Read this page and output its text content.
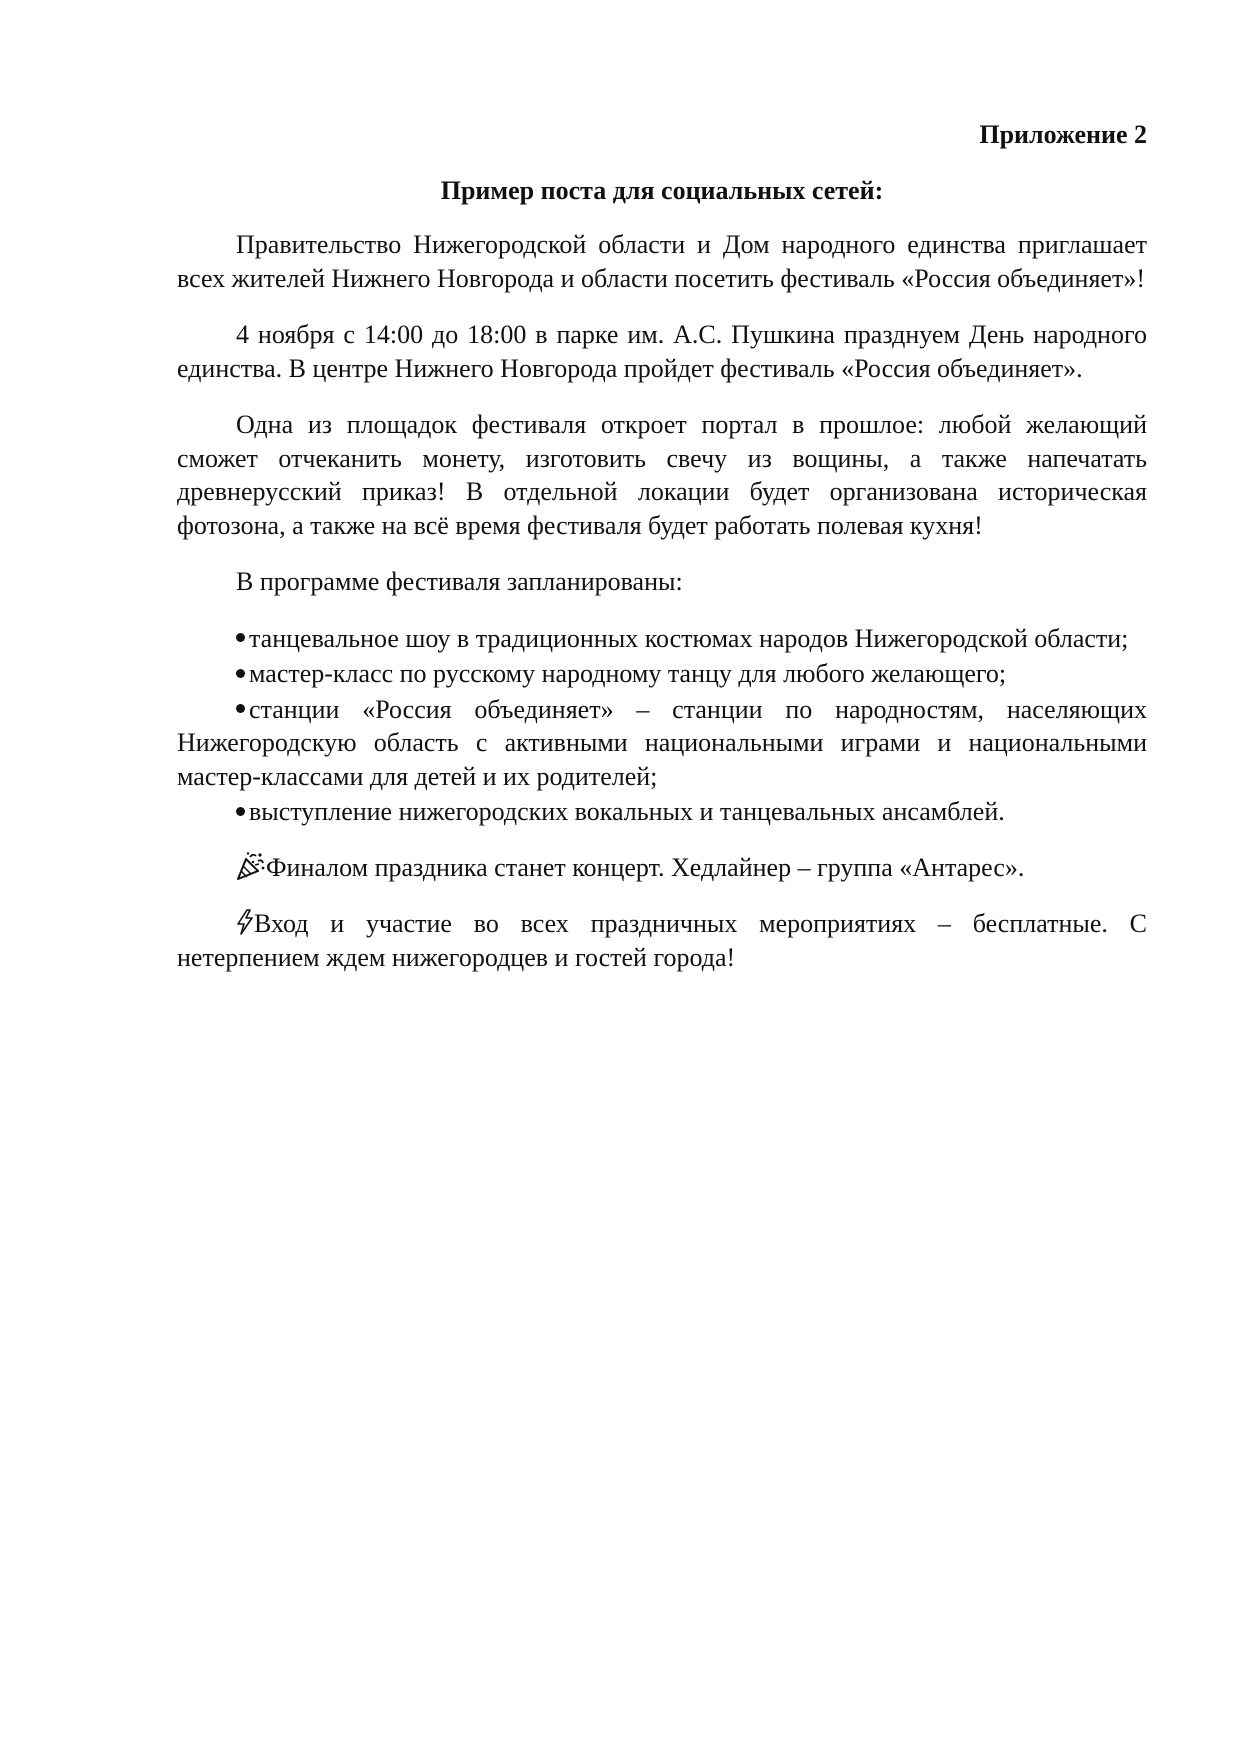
Приложение 2

Пример поста для социальных сетей:

Правительство Нижегородской области и Дом народного единства приглашает всех жителей Нижнего Новгорода и области посетить фестиваль «Россия объединяет»!

4 ноября с 14:00 до 18:00 в парке им. А.С. Пушкина празднуем День народного единства. В центре Нижнего Новгорода пройдет фестиваль «Россия объединяет».

Одна из площадок фестиваля откроет портал в прошлое: любой желающий сможет отчеканить монету, изготовить свечу из вощины, а также напечатать древнерусский приказ! В отдельной локации будет организована историческая фотозона, а также на всё время фестиваля будет работать полевая кухня!

В программе фестиваля запланированы:

танцевальное шоу в традиционных костюмах народов Нижегородской области;
мастер-класс по русскому народному танцу для любого желающего;
станции «Россия объединяет» – станции по народностям, населяющих Нижегородскую область с активными национальными играми и национальными мастер-классами для детей и их родителей;
выступление нижегородских вокальных и танцевальных ансамблей.

Финалом праздника станет концерт. Хедлайнер – группа «Антарес».

Вход и участие во всех праздничных мероприятиях – бесплатные. С нетерпением ждем нижегородцев и гостей города!
